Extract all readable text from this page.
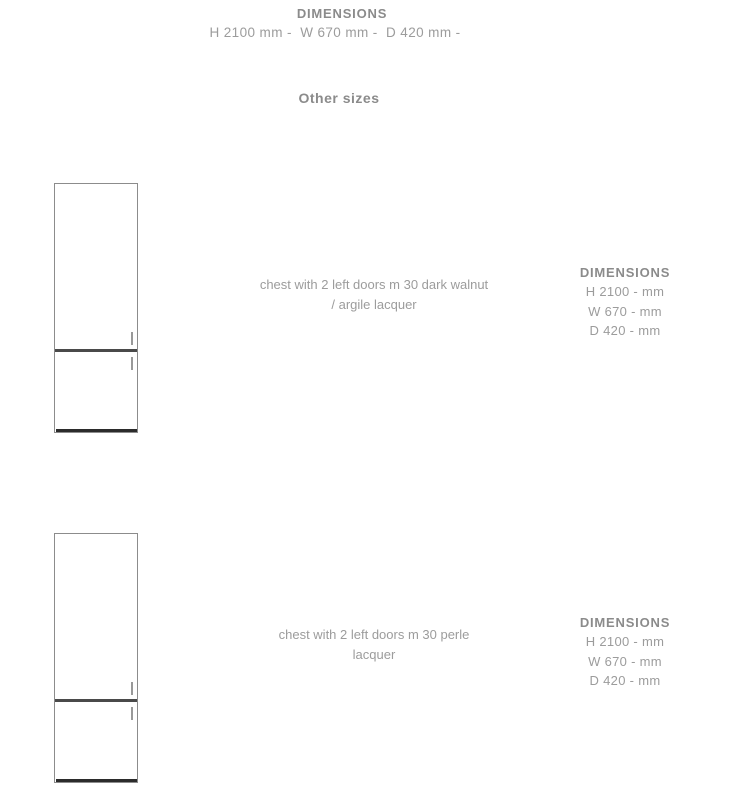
DIMENSIONS
H 2100 mm -  W 670 mm -  D 420 mm -
Other sizes
chest with 2 left doors m 30 dark walnut
/ argile lacquer
DIMENSIONS
H 2100 - mm
W 670 - mm
D 420 - mm
chest with 2 left doors m 30 perle
lacquer
DIMENSIONS
H 2100 - mm
W 670 - mm
D 420 - mm
